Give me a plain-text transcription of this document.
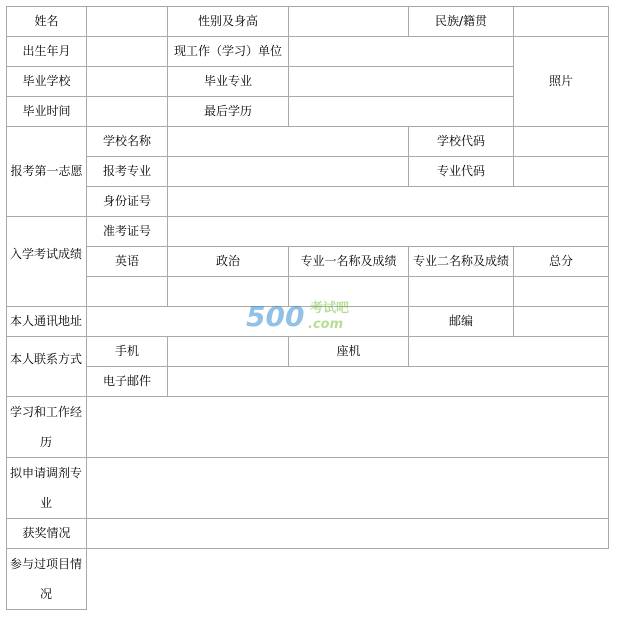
姓名		性别及身高		民族/籍贯	
出生年月		现工作（学习）单位			照片
毕业学校		毕业专业			
毕业时间		最后学历			
报考第一志愿	学校名称			学校代码	
	报考专业			专业代码	
	身份证号				
入学考试成绩	准考证号				
	英语	政治	专业一名称及成绩	专业二名称及成绩	总分

本人通讯地址				邮编	
本人联系方式	手机		座机		
	电子邮件				

学习和工作经历					

拟申请调剂专业					

获奖情况					

参与过项目情况					

500 考试吧
.com
